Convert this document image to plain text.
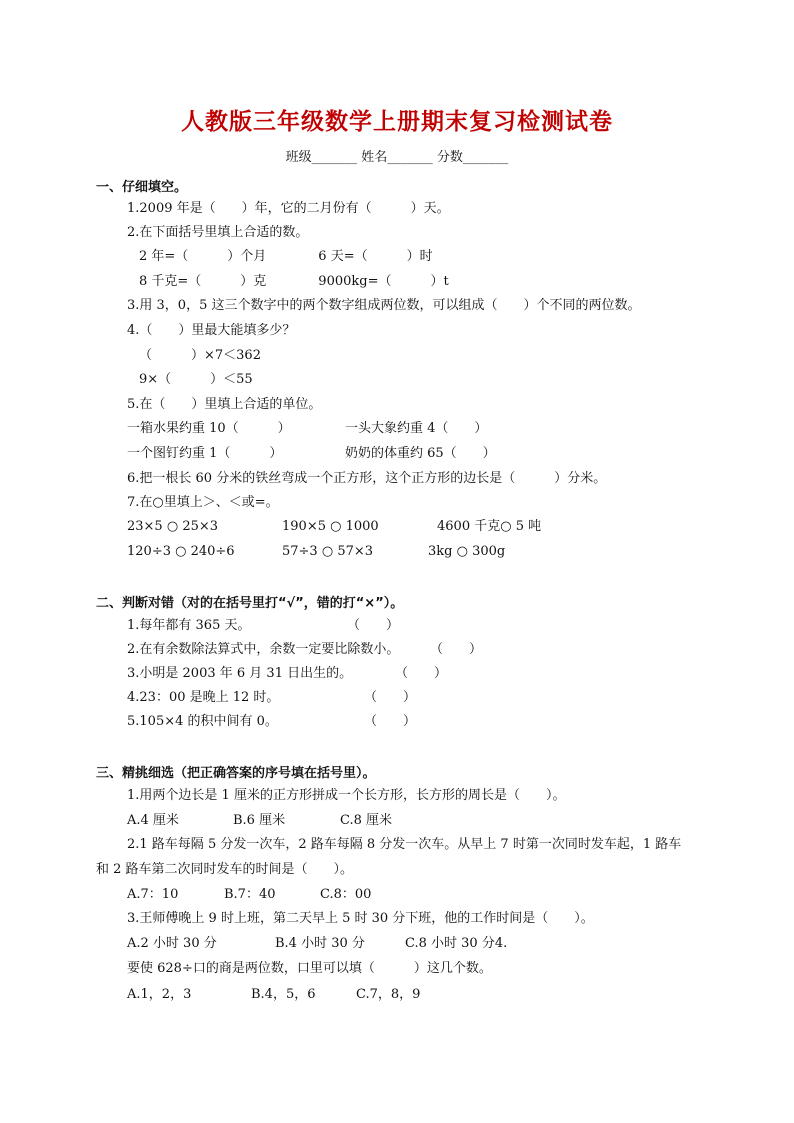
人教版三年级数学上册期末复习检测试卷
班级_______ 姓名_______ 分数_______
一、仔细填空。
1.2009 年是（　　）年，它的二月份有（　　　）天。
2.在下面括号里填上合适的数。
2 年=（　　　）个月　　　　6 天=（　　　）时
8 千克=（　　　）克　　　　9000kg=（　　　）t
3.用 3，0，5 这三个数字中的两个数字组成两位数，可以组成（　　）个不同的两位数。
4.（　　）里最大能填多少？
（　　　）×7＜362
9×（　　　）＜55
5.在（　　）里填上合适的单位。
一箱水果约重 10（　　　）	一头大象约重 4（　　）
一个图钉约重 1（　　　）	奶奶的体重约 65（　　）
6.把一根长 60 分米的铁丝弯成一个正方形，这个正方形的边长是（　　　）分米。
7.在○里填上＞、＜或=。
23×5 ○ 25×3	190×5 ○ 1000	4600 千克○ 5 吨
120÷3 ○ 240÷6	57÷3 ○ 57×3	3kg ○ 300g
二、判断对错（对的在括号里打“√”，错的打“×”）。
1.每年都有 365 天。	（　　）
2.在有余数除法算式中，余数一定要比除数小。 （　　）
3.小明是 2003 年 6 月 31 日出生的。	（　　）
4.23：00 是晚上 12 时。	（　　）
5.105×4 的积中间有 0。	（　　）
三、精挑细选（把正确答案的序号填在括号里）。
1.用两个边长是 1 厘米的正方形拼成一个长方形，长方形的周长是（　　）。
A.4 厘米	B.6 厘米	C.8 厘米
2.1 路车每隔 5 分发一次车，2 路车每隔 8 分发一次车。从早上 7 时第一次同时发车起，1 路车
和 2 路车第二次同时发车的时间是（　　）。
A.7：10	B.7：40	C.8：00
3.王师傅晚上 9 时上班，第二天早上 5 时 30 分下班，他的工作时间是（　　）。
A.2 小时 30 分	B.4 小时 30 分	C.8 小时 30 分4.
要使 628÷口的商是两位数，口里可以填（　　　）这几个数。
A.1，2，3	B.4，5，6	C.7，8，9
